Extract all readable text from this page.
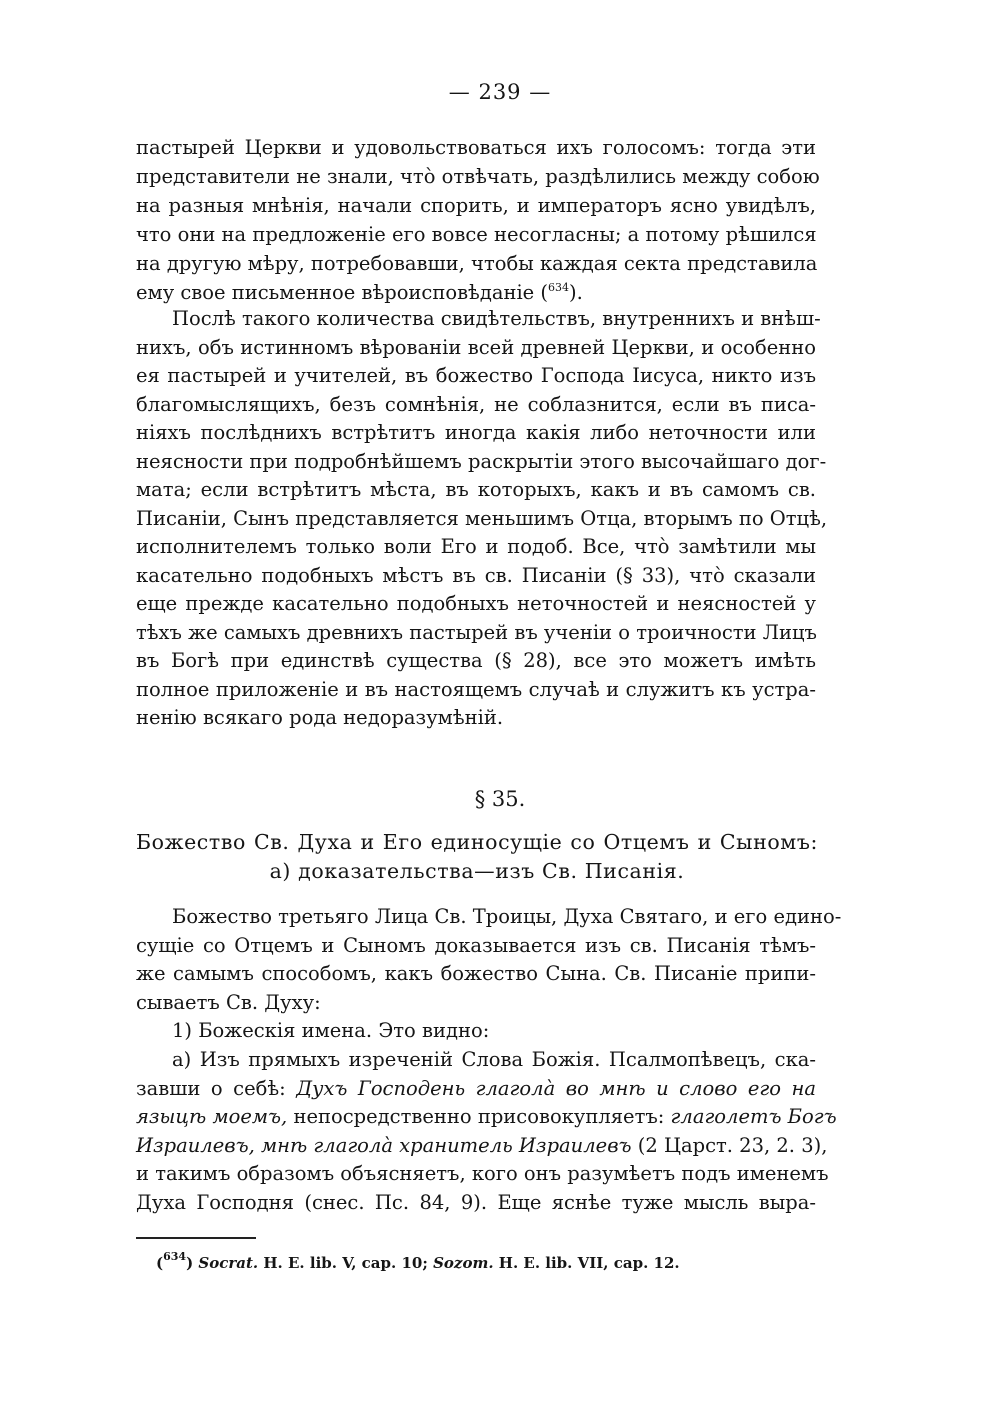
— 239 —
пастырей Церкви и удовольствоваться ихъ голосомъ: тогда эти
представители не знали, чтò отвѣчать, раздѣлились между собою
на разныя мнѣнія, начали спорить, и императоръ ясно увидѣлъ,
что они на предложеніе его вовсе несогласны; а потому рѣшился
на другую мѣру, потребовавши, чтобы каждая секта представила
ему свое письменное вѣроисповѣданіе ($^{634}$).
Послѣ такого количества свидѣтельствъ, внутреннихъ и внѣш-
нихъ, объ истинномъ вѣрованіи всей древней Церкви, и особенно
ея пастырей и учителей, въ божество Господа Іисуса, никто изъ
благомыслящихъ, безъ сомнѣнія, не соблазнится, если въ писа-
ніяхъ послѣднихъ встрѣтитъ иногда какія либо неточности или
неясности при подробнѣйшемъ раскрытіи этого высочайшаго дог-
мата; если встрѣтитъ мѣста, въ которыхъ, какъ и въ самомъ св.
Писаніи, Сынъ представляется меньшимъ Отца, вторымъ по Отцѣ,
исполнителемъ только воли Его и подоб. Все, чтò замѣтили мы
касательно подобныхъ мѣстъ въ св. Писаніи (§ 33), чтò сказали
еще прежде касательно подобныхъ неточностей и неясностей у
тѣхъ же самыхъ древнихъ пастырей въ ученіи о троичности Лицъ
въ Богѣ при единствѣ существа (§ 28), все это можетъ имѣть
полное приложеніе и въ настоящемъ случаѣ и служитъ къ устра-
ненію всякаго рода недоразумѣній.
§ 35.
Божество Св. Духа и Его единосущіе со Отцемъ и Сыномъ:
а) доказательства—изъ Св. Писанія.
Божество третьяго Лица Св. Троицы, Духа Святаго, и его едино-
сущіе со Отцемъ и Сыномъ доказывается изъ св. Писанія тѣмъ-
же самымъ способомъ, какъ божество Сына. Св. Писаніе припи-
сываетъ Св. Духу:
1) Божескія имена. Это видно:
а) Изъ прямыхъ изреченій Слова Божія. Псалмопѣвецъ, ска-
завши о себѣ: Духъ Господень глаголà во мнѣ и слово его на
языцѣ моемъ, непосредственно присовокупляетъ: глаголетъ Богъ
Израилевъ, мнѣ глаголà хранитель Израилевъ (2 Царст. 23, 2. 3),
и такимъ образомъ объясняетъ, кого онъ разумѣетъ подъ именемъ
Духа Господня (снес. Пс. 84, 9). Еще яснѣе туже мысль выра-
($^{634}$) Socrat. H. E. lib. V, cap. 10; Sozom. H. E. lib. VII, cap. 12.
